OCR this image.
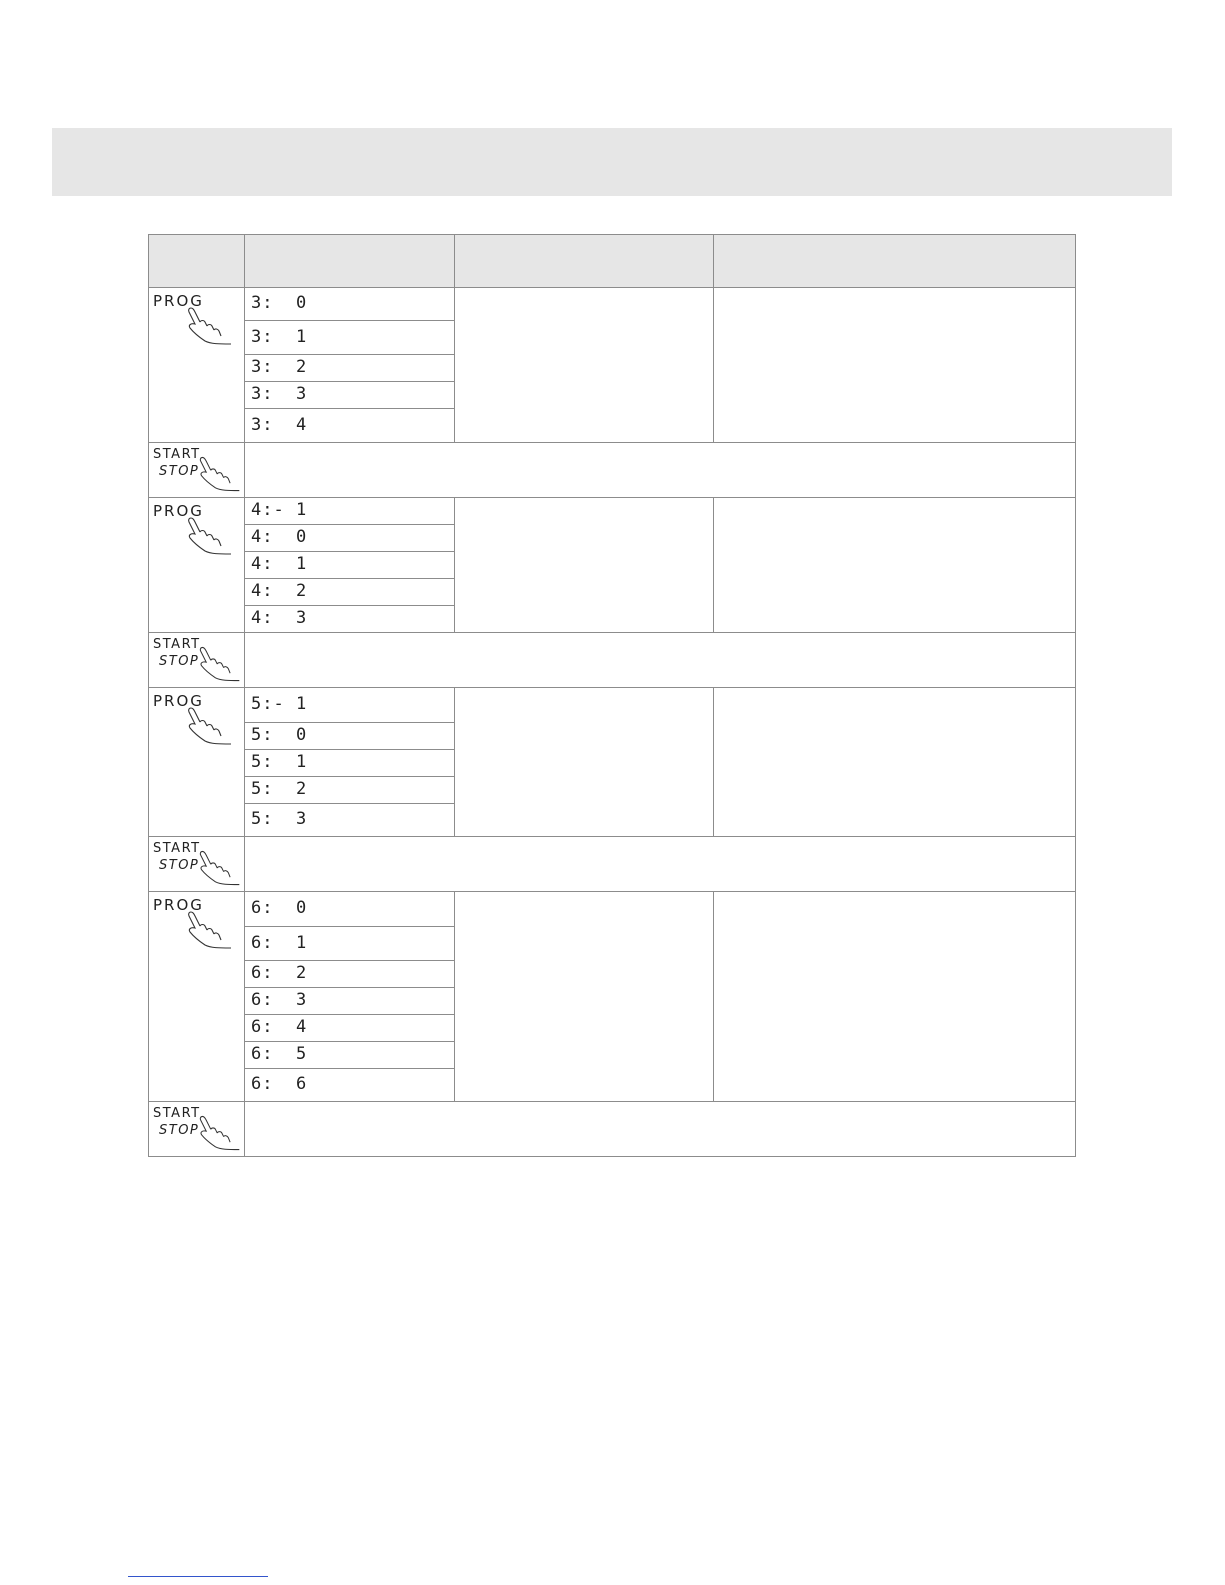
PROG	3:  0		
	3:  1		
	3:  2		
	3:  3		
	3:  4		

START
STOP			

PROG	4:- 1		
	4:  0		
	4:  1		
	4:  2		
	4:  3		

START
STOP			

PROG	5:- 1		
	5:  0		
	5:  1		
	5:  2		
	5:  3		

START
STOP			

PROG	6:  0		
	6:  1		
	6:  2		
	6:  3		
	6:  4		
	6:  5		
	6:  6		

START
STOP			
